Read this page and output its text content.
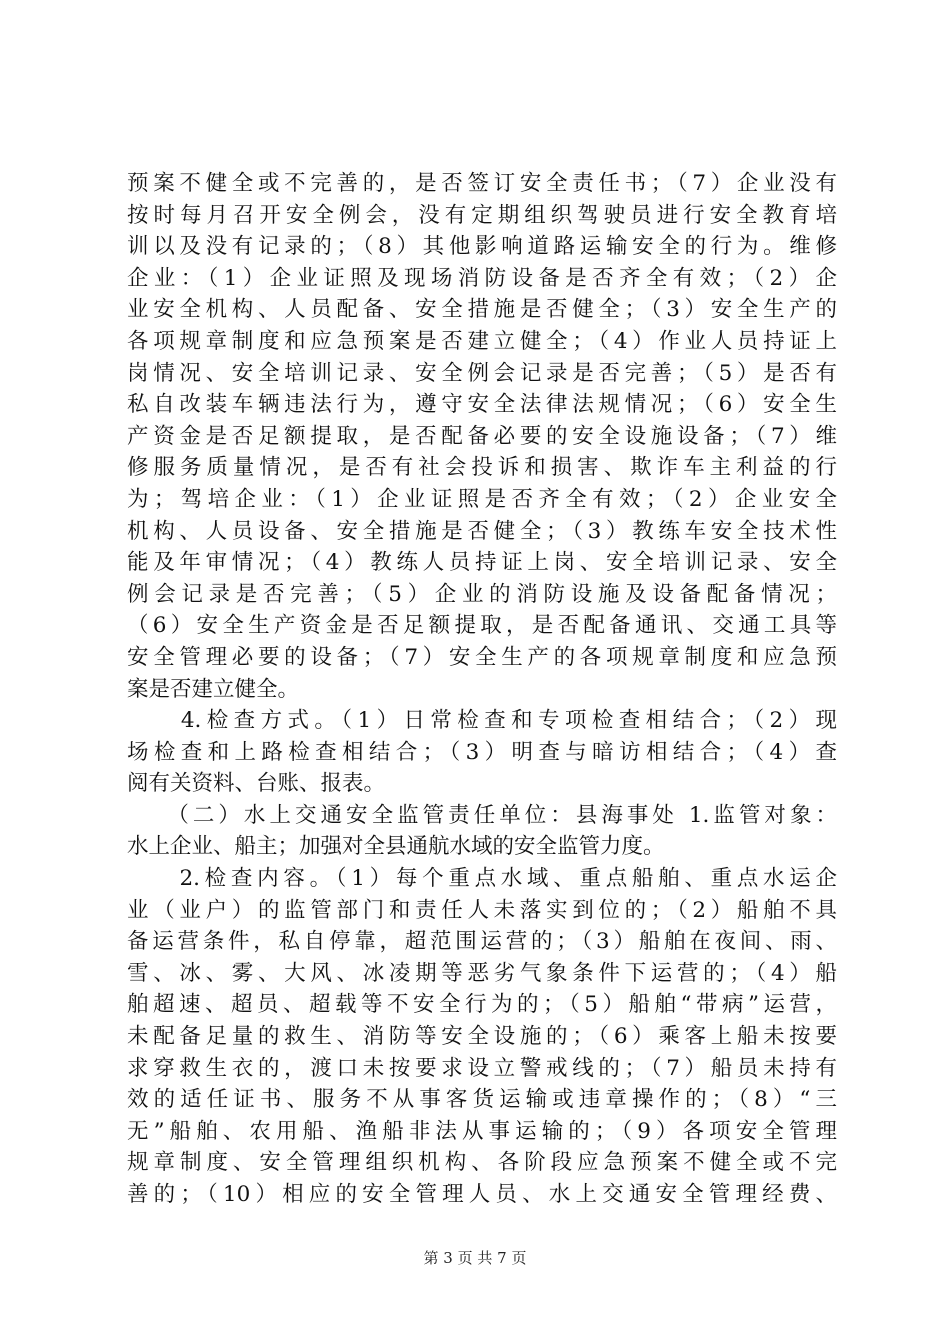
预案不健全或不完善的，是否签订安全责任书；（7）企业没有
按时每月召开安全例会，没有定期组织驾驶员进行安全教育培
训以及没有记录的；（8）其他影响道路运输安全的行为。维修
企业：（1）企业证照及现场消防设备是否齐全有效；（2）企
业安全机构、人员配备、安全措施是否健全；（3）安全生产的
各项规章制度和应急预案是否建立健全；（4）作业人员持证上
岗情况、安全培训记录、安全例会记录是否完善；（5）是否有
私自改装车辆违法行为，遵守安全法律法规情况；（6）安全生
产资金是否足额提取，是否配备必要的安全设施设备；（7）维
修服务质量情况，是否有社会投诉和损害、欺诈车主利益的行
为；驾培企业：（1）企业证照是否齐全有效；（2）企业安全
机构、人员设备、安全措施是否健全；（3）教练车安全技术性
能及年审情况；（4）教练人员持证上岗、安全培训记录、安全
例会记录是否完善；（5）企业的消防设施及设备配备情况；
（6）安全生产资金是否足额提取，是否配备通讯、交通工具等
安全管理必要的设备；（7）安全生产的各项规章制度和应急预
案是否建立健全。
　　4.检查方式。（1）日常检查和专项检查相结合；（2）现
场检查和上路检查相结合；（3）明查与暗访相结合；（4）查
阅有关资料、台账、报表。
　　（二）水上交通安全监管责任单位：县海事处 1.监管对象：
水上企业、船主；加强对全县通航水域的安全监管力度。
　　2.检查内容。（1）每个重点水域、重点船舶、重点水运企
业（业户）的监管部门和责任人未落实到位的；（2）船舶不具
备运营条件，私自停靠，超范围运营的；（3）船舶在夜间、雨、
雪、冰、雾、大风、冰凌期等恶劣气象条件下运营的；（4）船
舶超速、超员、超载等不安全行为的；（5）船舶“带病”运营，
未配备足量的救生、消防等安全设施的；（6）乘客上船未按要
求穿救生衣的，渡口未按要求设立警戒线的；（7）船员未持有
效的适任证书、服务不从事客货运输或违章操作的；（8）“三
无”船舶、农用船、渔船非法从事运输的；（9）各项安全管理
规章制度、安全管理组织机构、各阶段应急预案不健全或不完
善的；（10）相应的安全管理人员、水上交通安全管理经费、
第 3 页 共 7 页
